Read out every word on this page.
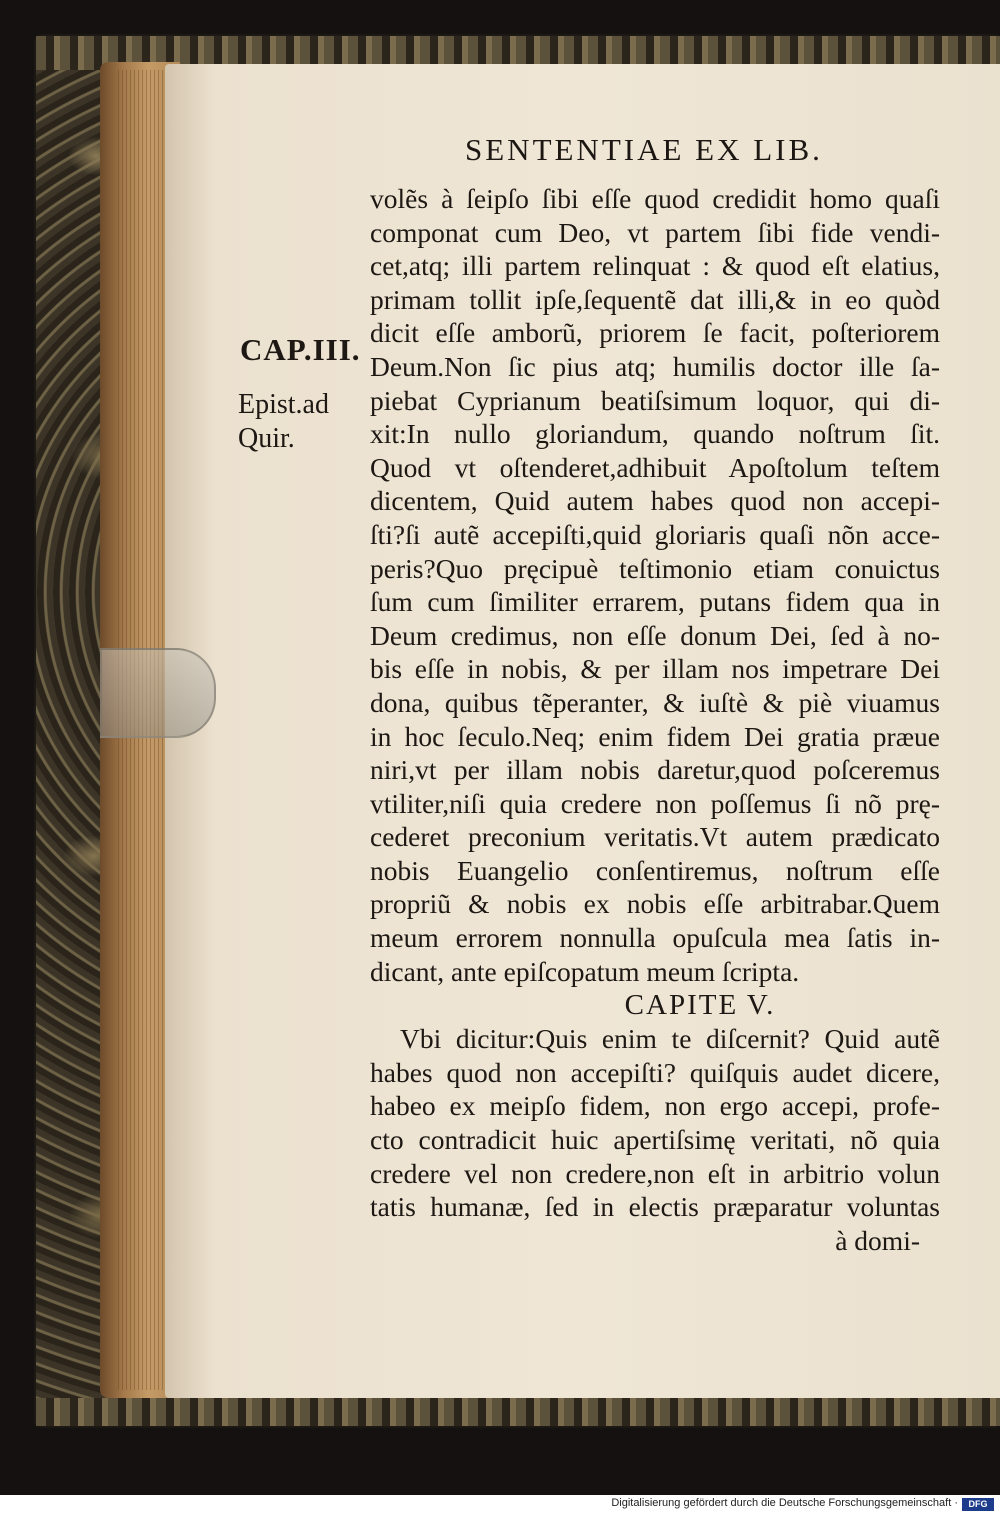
SENTENTIAE EX LIB.
CAP.III.
Epist.ad
Quir.
volẽs à ſeipſo ſibi eſſe quod credidit homo quaſi
componat cum Deo, vt partem ſibi fide vendi-
cet,atq; illi partem relinquat : & quod eſt elatius,
primam tollit ipſe,ſequentẽ dat illi,& in eo quòd
dicit eſſe amborũ, priorem ſe facit, poſteriorem
Deum.Non ſic pius atq; humilis doctor ille ſa-
piebat Cyprianum beatiſsimum loquor, qui di-
xit:In nullo gloriandum, quando noſtrum ſit.
Quod vt oſtenderet,adhibuit Apoſtolum teſtem
dicentem, Quid autem habes quod non accepi-
ſti?ſi autẽ accepiſti,quid gloriaris quaſi nõn acce-
peris?Quo pręcipuè teſtimonio etiam conuictus
ſum cum ſimiliter errarem, putans fidem qua in
Deum credimus, non eſſe donum Dei, ſed à no-
bis eſſe in nobis, & per illam nos impetrare Dei
dona, quibus tẽperanter, & iuſtè & piè viuamus
in hoc ſeculo.Neq; enim fidem Dei gratia præue
niri,vt per illam nobis daretur,quod poſceremus
vtiliter,niſi quia credere non poſſemus ſi nõ prę-
cederet preconium veritatis.Vt autem prædicato
nobis Euangelio conſentiremus, noſtrum eſſe
propriũ & nobis ex nobis eſſe arbitrabar.Quem
meum errorem nonnulla opuſcula mea ſatis in-
dicant, ante epiſcopatum meum ſcripta.
CAPITE V.
Vbi dicitur:Quis enim te diſcernit? Quid autẽ
habes quod non accepiſti? quiſquis audet dicere,
habeo ex meipſo fidem, non ergo accepi, profe-
cto contradicit huic apertiſsimę veritati, nõ quia
credere vel non credere,non eſt in arbitrio volun
tatis humanæ, ſed in electis præparatur voluntas
à domi-
Digitalisierung gefördert durch die Deutsche Forschungsgemeinschaft ·	DFG
